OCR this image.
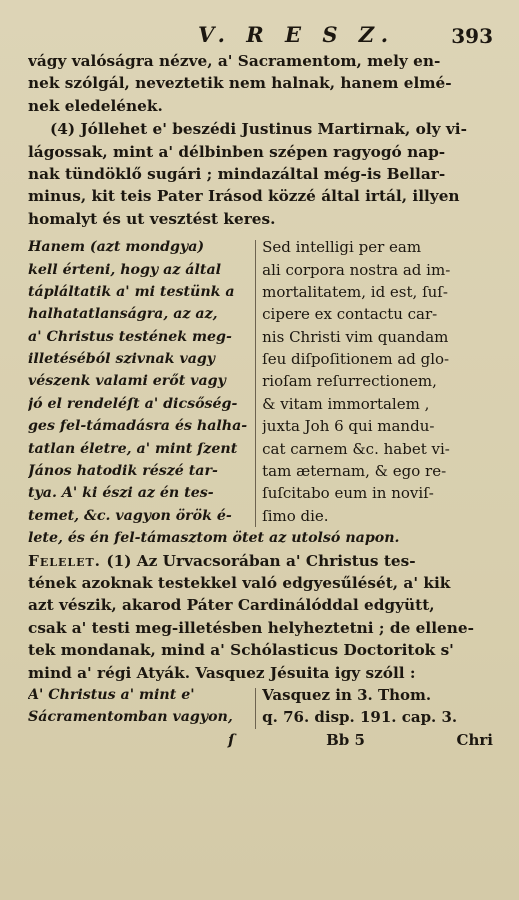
V. R E S Z.	393
vágy valóságra nézve, a' Sacramentom, mely en-
nek szólgál, neveztetik nem halnak, hanem elmé-
nek eledelének.
(4) Jóllehet e' beszédi Justinus Martirnak, oly vi-
lágossak, mint a' délbinben szépen ragyogó nap-
nak tündöklő sugári ; mindazáltal még-is Bellar-
minus, kit teis Pater Irásod közzé által irtál, illyen
homalyt és ut vesztést keres.
Hanem (azt mondgya)
kell érteni, hogy az által
tápláltatik a' mi testünk a
halhatatlanságra, az az,
a' Christus testének meg-
illetéséból szivnak vagy
vészenk valami erőt vagy
jó el rendeléſt a' dicsőség-
ges fel-támadásra és halha-
tatlan életre, a' mint ſzent
János hatodik részé tar-
tya. A' ki észi az én tes-
temet, &c. vagyon örök é-
Sed intelligi per eam
ali corpora nostra ad im-
mortalitatem, id est, ſuſ-
cipere ex contactu car-
nis Christi vim quandam
ſeu diſpoſitionem ad glo-
rioſam reſurrectionem,
& vitam immortalem ,
juxta Joh 6 qui mandu-
cat carnem &c. habet vi-
tam æternam, & ego re-
ſuſcitabo eum in noviſ-
ſimo die.
lete, és én fel-támasztom ötet az utolsó napon.
Felelet. (1) Az Urvacsorában a' Christus tes-
tének azoknak testekkel való edgyesűlését, a' kik
azt vészik, akarod Páter Cardinálóddal edgyütt,
csak a' testi meg-illetésben helyheztetni ; de ellene-
tek mondanak, mind a' Schólasticus Doctoritok s'
mind a' régi Atyák. Vasquez Jésuita igy szóll :
A' Christus a' mint e'
Sácramentomban vagyon,
Vasquez in 3. Thom.
q. 76. disp. 191. cap. 3.
ſ	Bb 5	Chri
